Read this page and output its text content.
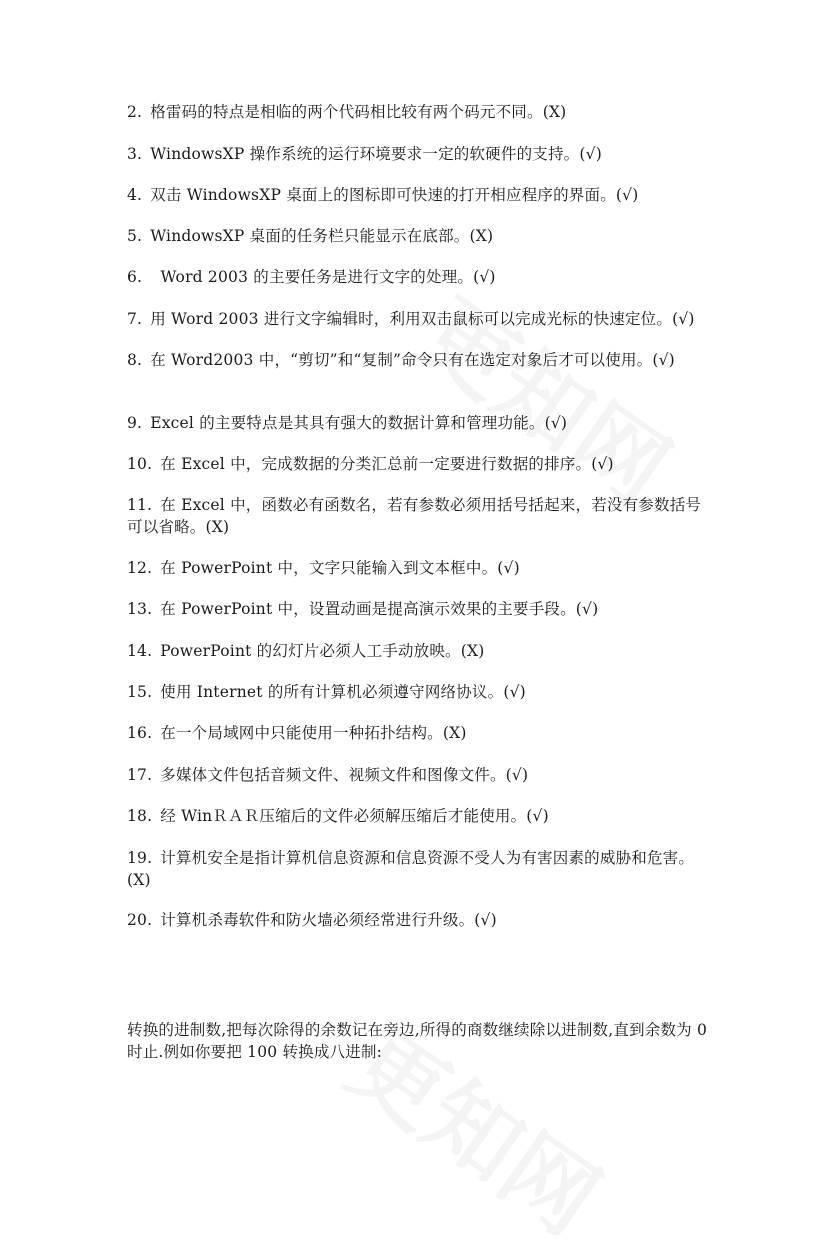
2. 格雷码的特点是相临的两个代码相比较有两个码元不同。(X)

3. WindowsXP 操作系统的运行环境要求一定的软硬件的支持。(√)

4. 双击 WindowsXP 桌面上的图标即可快速的打开相应程序的界面。(√)

5. WindowsXP 桌面的任务栏只能显示在底部。(X)

6.  Word 2003 的主要任务是进行文字的处理。(√)

7. 用 Word 2003 进行文字编辑时，利用双击鼠标可以完成光标的快速定位。(√)

8. 在 Word2003 中，“剪切”和“复制”命令只有在选定对象后才可以使用。(√)

9. Excel 的主要特点是其具有强大的数据计算和管理功能。(√)

10. 在 Excel 中，完成数据的分类汇总前一定要进行数据的排序。(√)

11. 在 Excel 中，函数必有函数名，若有参数必须用括号括起来，若没有参数括号可以省略。(X)

12. 在 PowerPoint 中，文字只能输入到文本框中。(√)

13. 在 PowerPoint 中，设置动画是提高演示效果的主要手段。(√)

14. PowerPoint 的幻灯片必须人工手动放映。(X)

15. 使用 Internet 的所有计算机必须遵守网络协议。(√)

16. 在一个局域网中只能使用一种拓扑结构。(X)

17. 多媒体文件包括音频文件、视频文件和图像文件。(√)

18. 经 WinＲＡＲ压缩后的文件必须解压缩后才能使用。(√)

19. 计算机安全是指计算机信息资源和信息资源不受人为有害因素的威胁和危害。(X)

20. 计算机杀毒软件和防火墙必须经常进行升级。(√)

转换的进制数,把每次除得的余数记在旁边,所得的商数继续除以进制数,直到余数为 0 时止.例如你要把 100 转换成八进制:
